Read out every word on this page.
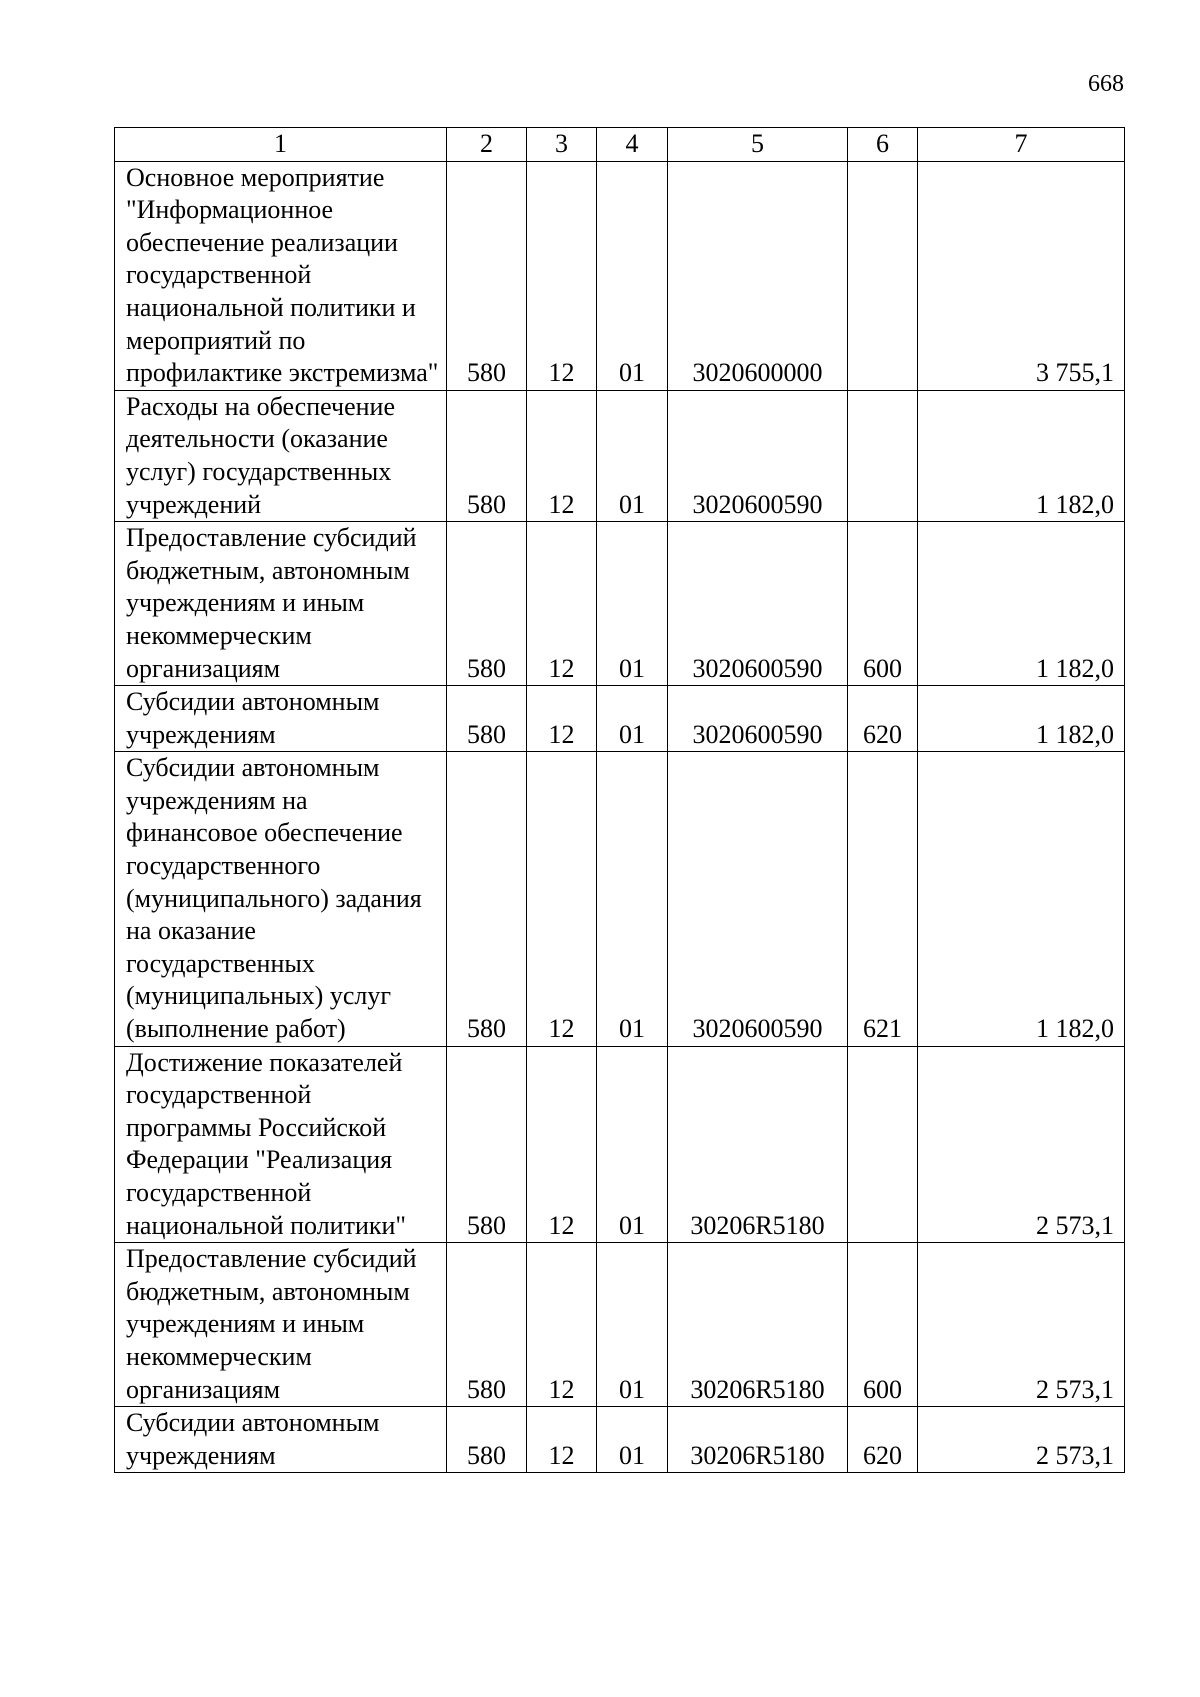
668
1	2	3	4	5	6	7
Основное мероприятие "Информационное обеспечение реализации государственной национальной политики и мероприятий по профилактике экстремизма"	580	12	01	3020600000		3 755,1
Расходы на обеспечение деятельности (оказание услуг) государственных учреждений	580	12	01	3020600590		1 182,0
Предоставление субсидий бюджетным, автономным учреждениям и иным некоммерческим организациям	580	12	01	3020600590	600	1 182,0
Субсидии автономным учреждениям	580	12	01	3020600590	620	1 182,0
Субсидии автономным учреждениям на финансовое обеспечение государственного (муниципального) задания на оказание государственных (муниципальных) услуг (выполнение работ)	580	12	01	3020600590	621	1 182,0
Достижение показателей государственной программы Российской Федерации "Реализация государственной национальной политики"	580	12	01	30206R5180		2 573,1
Предоставление субсидий бюджетным, автономным учреждениям и иным некоммерческим организациям	580	12	01	30206R5180	600	2 573,1
Субсидии автономным учреждениям	580	12	01	30206R5180	620	2 573,1
